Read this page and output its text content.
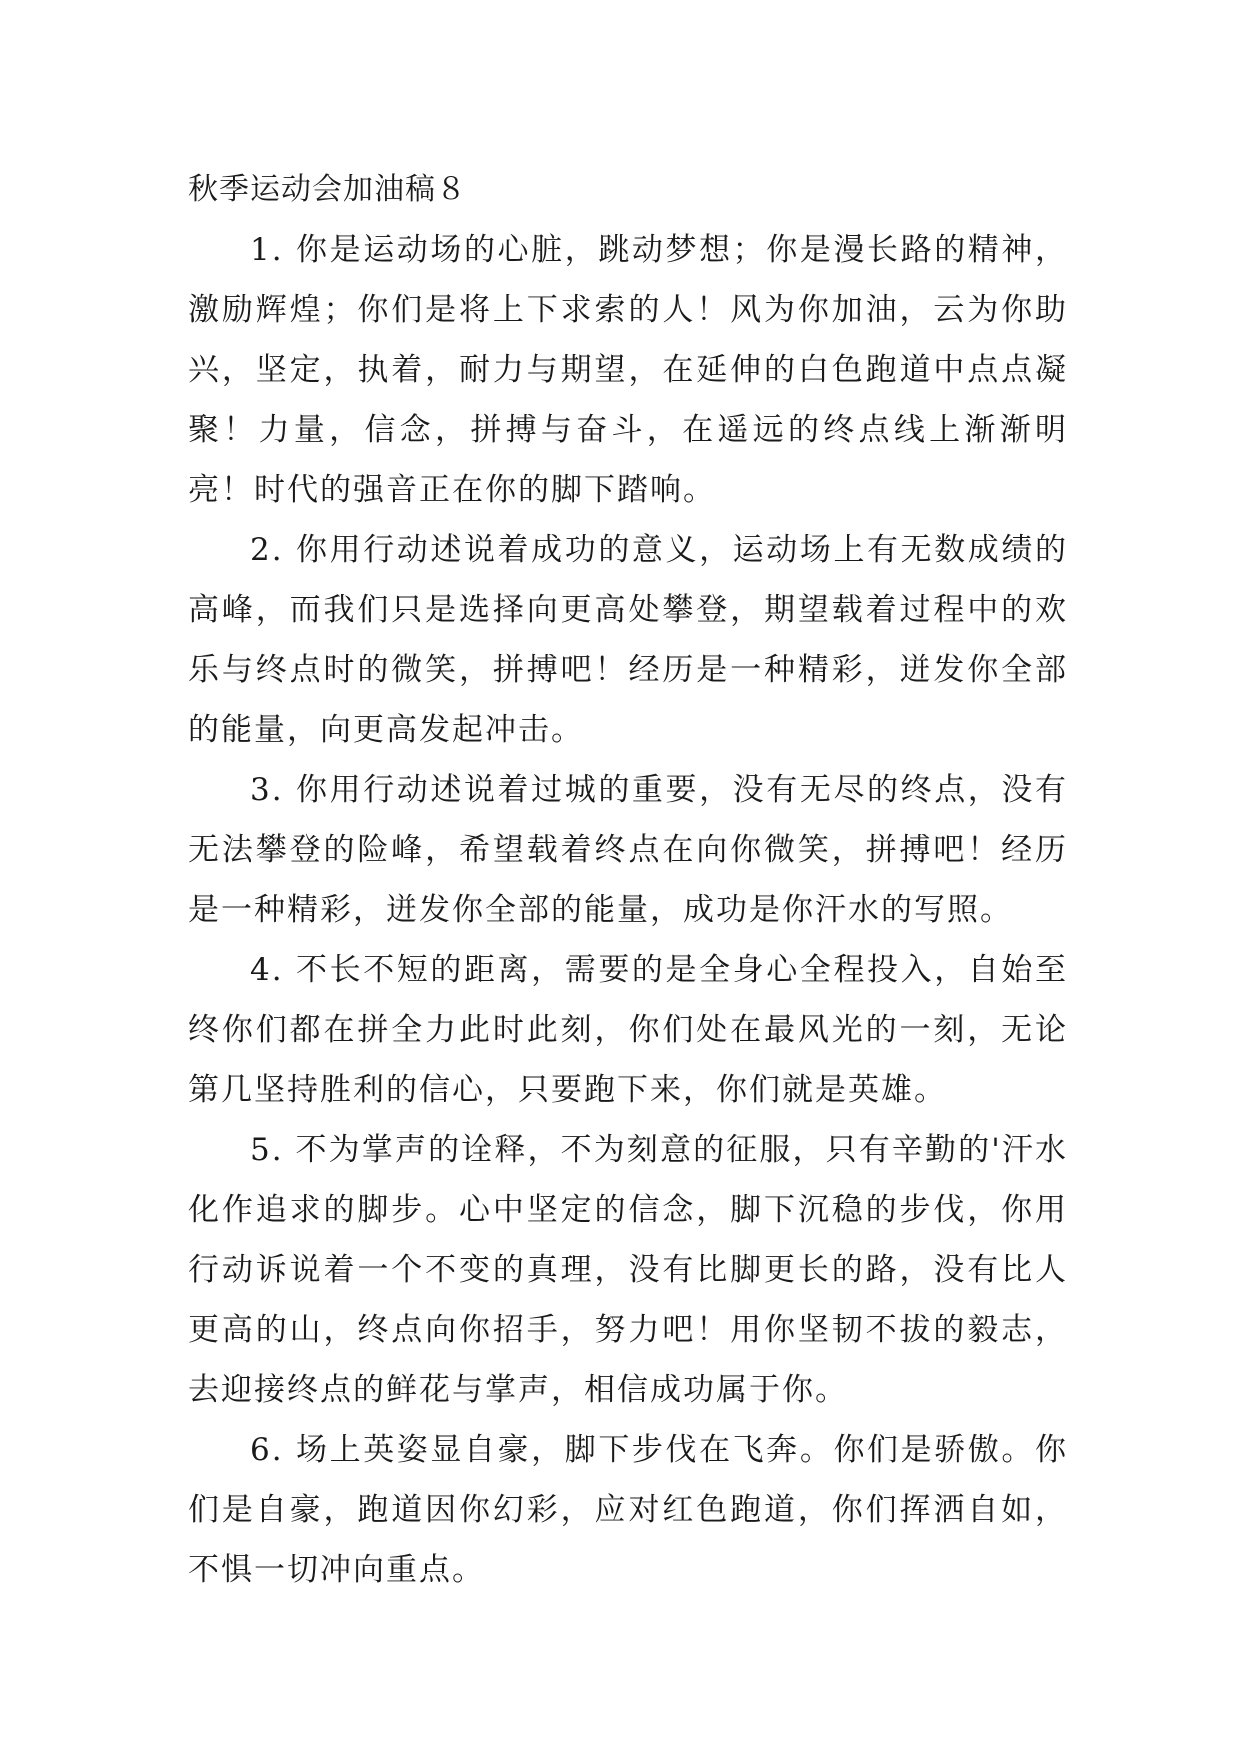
秋季运动会加油稿８

1. 你是运动场的心脏，跳动梦想；你是漫长路的精神，激励辉煌；你们是将上下求索的人！风为你加油，云为你助兴，坚定，执着，耐力与期望，在延伸的白色跑道中点点凝聚！力量，信念，拼搏与奋斗，在遥远的终点线上渐渐明亮！时代的强音正在你的脚下踏响。

2. 你用行动述说着成功的意义，运动场上有无数成绩的高峰，而我们只是选择向更高处攀登，期望载着过程中的欢乐与终点时的微笑，拼搏吧！经历是一种精彩，迸发你全部的能量，向更高发起冲击。

3. 你用行动述说着过城的重要，没有无尽的终点，没有无法攀登的险峰，希望载着终点在向你微笑，拼搏吧！经历是一种精彩，迸发你全部的能量，成功是你汗水的写照。

4. 不长不短的距离，需要的是全身心全程投入，自始至终你们都在拼全力此时此刻，你们处在最风光的一刻，无论第几坚持胜利的信心，只要跑下来，你们就是英雄。

5. 不为掌声的诠释，不为刻意的征服，只有辛勤的'汗水化作追求的脚步。心中坚定的信念，脚下沉稳的步伐，你用行动诉说着一个不变的真理，没有比脚更长的路，没有比人更高的山，终点向你招手，努力吧！用你坚韧不拔的毅志，去迎接终点的鲜花与掌声，相信成功属于你。

6. 场上英姿显自豪，脚下步伐在飞奔。你们是骄傲。你们是自豪，跑道因你幻彩，应对红色跑道，你们挥洒自如，不惧一切冲向重点。
